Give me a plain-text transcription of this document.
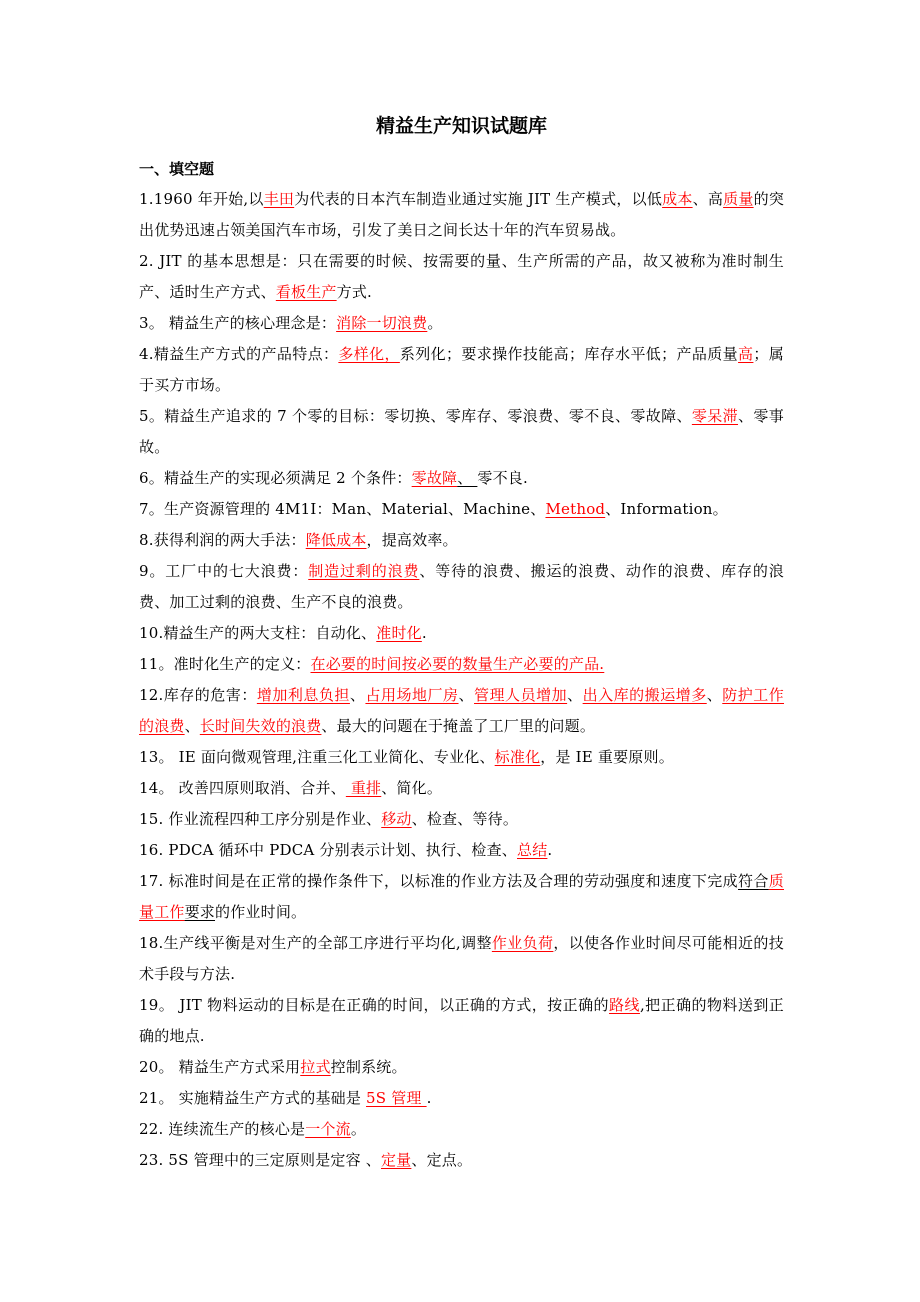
精益生产知识试题库
一、填空题
1.1960 年开始,以丰田为代表的日本汽车制造业通过实施 JIT 生产模式，以低成本、高质量的突出优势迅速占领美国汽车市场，引发了美日之间长达十年的汽车贸易战。
2. JIT 的基本思想是：只在需要的时候、按需要的量、生产所需的产品，故又被称为准时制生产、适时生产方式、看板生产方式.
3。 精益生产的核心理念是：消除一切浪费。
4.精益生产方式的产品特点：多样化，系列化；要求操作技能高；库存水平低；产品质量高；属于买方市场。
5。精益生产追求的 7 个零的目标：零切换、零库存、零浪费、零不良、零故障、零呆滞、零事故。
6。精益生产的实现必须满足 2 个条件：零故障、 零不良.
7。生产资源管理的 4M1I：Man、Material、Machine、Method、Information。
8.获得利润的两大手法：降低成本，提高效率。
9。工厂中的七大浪费：制造过剩的浪费、等待的浪费、搬运的浪费、动作的浪费、库存的浪费、加工过剩的浪费、生产不良的浪费。
10.精益生产的两大支柱：自动化、准时化.
11。准时化生产的定义：在必要的时间按必要的数量生产必要的产品.
12.库存的危害：增加利息负担、占用场地厂房、管理人员增加、出入库的搬运增多、防护工作的浪费、长时间失效的浪费、最大的问题在于掩盖了工厂里的问题。
13。 IE 面向微观管理,注重三化工业简化、专业化、标准化，是 IE 重要原则。
14。 改善四原则取消、合并、 重排、简化。
15. 作业流程四种工序分别是作业、移动、检查、等待。
16. PDCA 循环中 PDCA 分别表示计划、执行、检查、总结.
17. 标准时间是在正常的操作条件下，以标准的作业方法及合理的劳动强度和速度下完成符合质量工作要求的作业时间。
18.生产线平衡是对生产的全部工序进行平均化,调整作业负荷，以使各作业时间尽可能相近的技术手段与方法.
19。 JIT 物料运动的目标是在正确的时间，以正确的方式，按正确的路线,把正确的物料送到正确的地点.
20。 精益生产方式采用拉式控制系统。
21。 实施精益生产方式的基础是 5S 管理 .
22. 连续流生产的核心是一个流。
23. 5S 管理中的三定原则是定容 、定量、定点。
